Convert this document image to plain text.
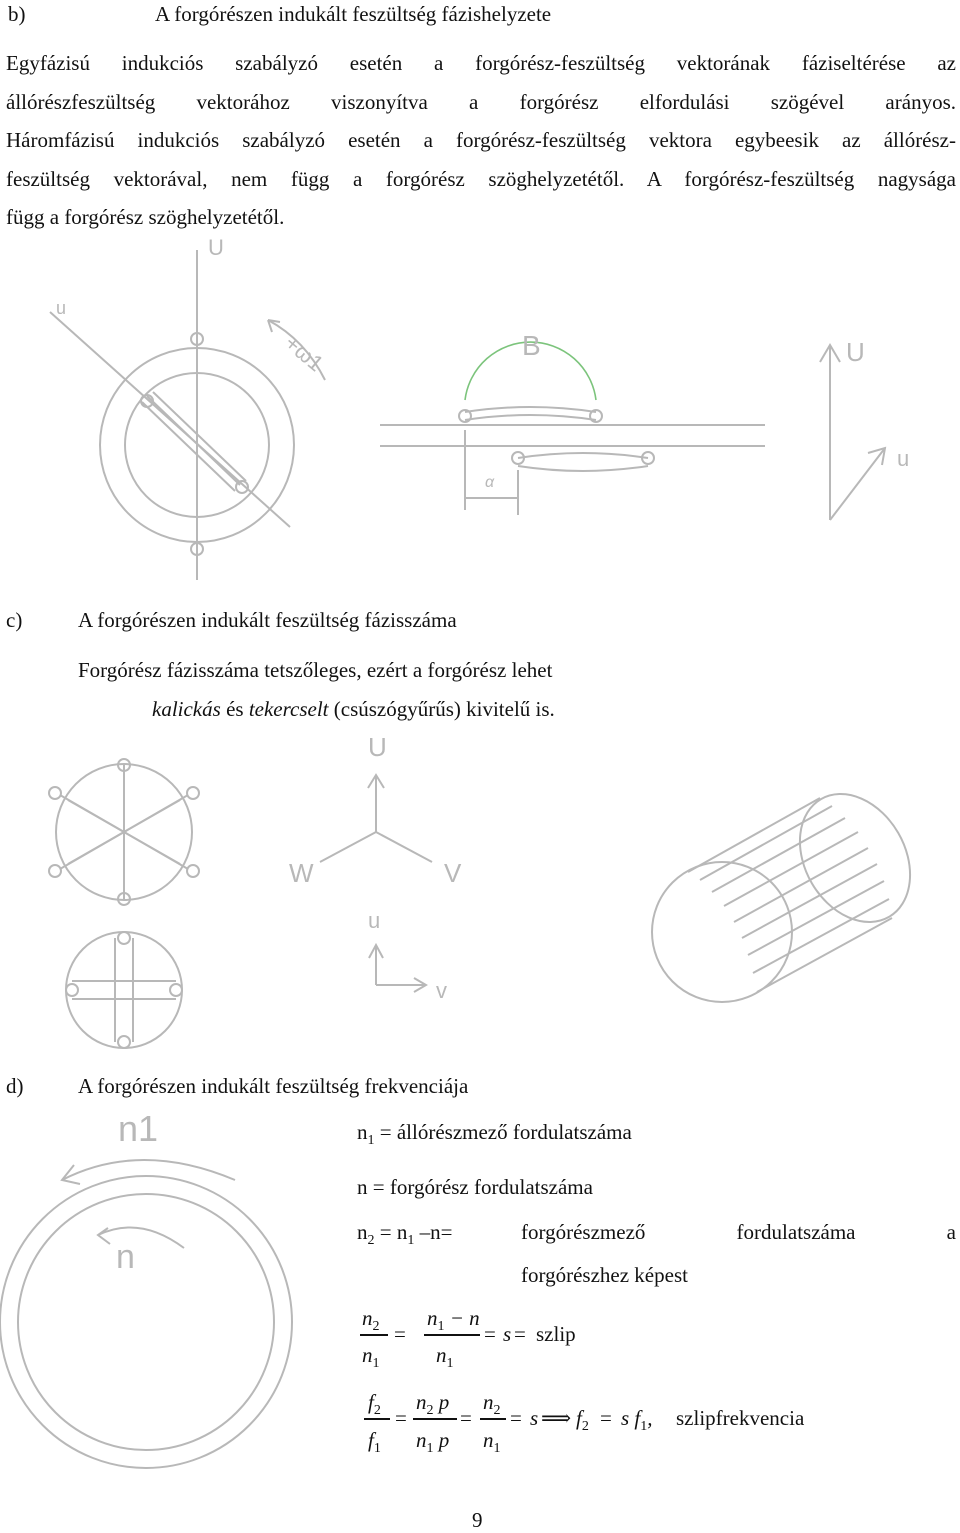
b)	A forgórészen indukált feszültség fázishelyzete
Egyfázisú indukciós szabályzó esetén a forgórész-feszültség vektorának fáziseltérése az
állórészfeszültség vektorához viszonyítva a forgórész elfordulási szögével arányos.
Háromfázisú indukciós szabályzó esetén a forgórész-feszültség vektora egybeesik az állórész-
feszültség vektorával, nem függ a forgórész szöghelyzetétől. A forgórész-feszültség nagysága
függ a forgórész szöghelyzetétől.
U
u
+ω1	B
α
U
u
c)	A forgórészen indukált feszültség fázisszáma
Forgórész fázisszáma tetszőleges, ezért a forgórész lehet
kalickás és tekercselt (csúszógyűrűs) kivitelű is.
U
V
W
u
v
d)	A forgórészen indukált feszültség frekvenciája
n1
n
$n_1$ = állórészmező fordulatszáma
n = forgórész fordulatszáma
$n_2 = n_1$ –n=	forgórészmező	fordulatszáma	a
forgórészhez képest
$n_2$
$n_1$
=
$n_1 - n$
$n_1$
= s = szlip
$f_2$
$f_1$
=
$n_2$ p
$n_1$ p
=
$n_2$
$n_1$
= s ⟹ $f_2 = s$ $f_1$, szlipfrekvencia
9
